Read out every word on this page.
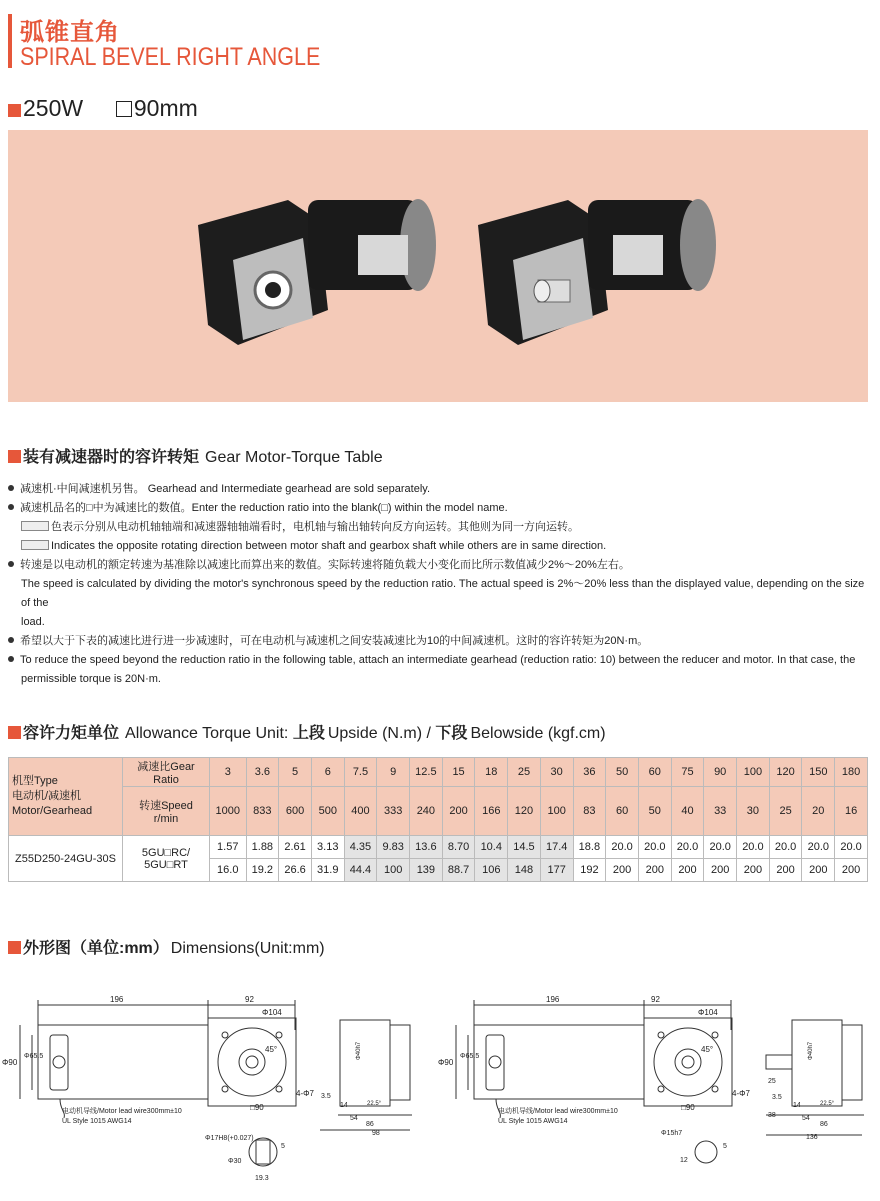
弧锥直角
SPIRAL BEVEL RIGHT ANGLE
250W 90mm
装有减速器时的容许转矩 Gear Motor-Torque Table
减速机·中间减速机另售。 Gearhead and Intermediate gearhead are sold separately.
减速机品名的□中为减速比的数值。Enter the reduction ratio into the blank(□) within the model name.
色表示分别从电动机轴轴端和减速器轴轴端看时，电机轴与输出轴转向反方向运转。其他则为同一方向运转。
Indicates the opposite rotating direction between motor shaft and gearbox shaft while others are in same direction.
转速是以电动机的额定转速为基准除以减速比而算出来的数值。实际转速将随负载大小变化而比所示数值减少2%～20%左右。
The speed is calculated by dividing the motor's synchronous speed by the reduction ratio. The actual speed is 2%～20% less than the displayed value, depending on the size of the
load.
希望以大于下表的减速比进行进一步减速时，可在电动机与减速机之间安装减速比为10的中间减速机。这时的容许转矩为20N·m。
To reduce the speed beyond the reduction ratio in the following table, attach an intermediate gearhead (reduction ratio: 10) between the reducer and motor. In that case, the
permissible torque is 20N·m.
容许力矩单位 Allowance Torque Unit: 上段 Upside (N.m) / 下段 Belowside (kgf.cm)
机型Type
电动机/减速机
Motor/Gearhead	减速比Gear Ratio	3	3.6	5	6	7.5	9	12.5	15	18	25	30	36	50	60	75	90	100	120	150	180

	转速Speed
r/min	1000	833	600	500	400	333	240	200	166	120	100	83	60	50	40	33	30	25	20	16
Z55D250-24GU-30S	5GU□RC/
5GU□RT	1.57	1.88	2.61	3.13	4.35	9.83	13.6	8.70	10.4	14.5	17.4	18.8	20.0	20.0	20.0	20.0	20.0	20.0	20.0	20.0
		16.0	19.2	26.6	31.9	44.4	100	139	88.7	106	148	177	192	200	200	200	200	200	200	200	200
外形图（单位:mm） Dimensions(Unit:mm)
196	92
Φ104
Φ90
Φ65.5
45°
4-Φ7
□90
电动机导线/Motor lead wire300mm±10
UL Style 1015 AWG14
Φ17H8(+0.027)
Φ30
19.3
5
3.5
14	22.5°
54
86
98
Φ40h7
196	92
Φ104
Φ90
Φ65.5
45°
4-Φ7
□90
电动机导线/Motor lead wire300mm±10
UL Style 1015 AWG14
Φ15h7
12
5
25
3.5
14	22.5°
38	54
86
136
Φ40h7
